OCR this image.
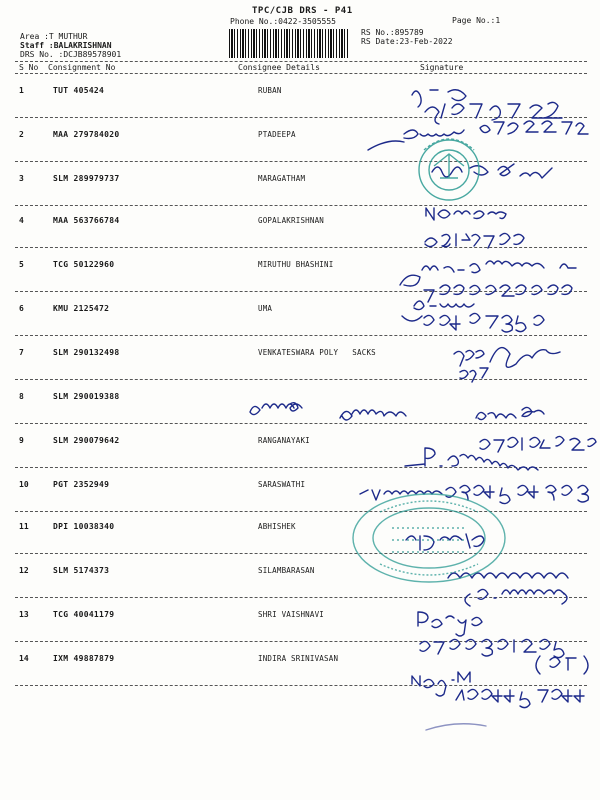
TPC/CJB DRS - P41
Phone No.:0422-3505555	Page No.:1
RS No.:895789
RS Date:23-Feb-2022
Area :T MUTHUR
Staff :BALAKRISHNAN
DRS No. :DCJB89578901
S No Consignment No	Consignee Details	Signature
1	TUT 405424	RUBAN
2	MAA 279784020	PTADEEPA
3	SLM 289979737	MARAGATHAM
4	MAA 563766784	GOPALAKRISHNAN
5	TCG 50122960	MIRUTHU BHASHINI
6	KMU 2125472	UMA
7	SLM 290132498	VENKATESWARA POLY   SACKS
8	SLM 290019388
9	SLM 290079642	RANGANAYAKI
10	PGT 2352949	SARASWATHI
11	DPI 10038340	ABHISHEK
12	SLM 5174373	SILAMBARASAN
13	TCG 40041179	SHRI VAISHNAVI
14	IXM 49887879	INDIRA SRINIVASAN
